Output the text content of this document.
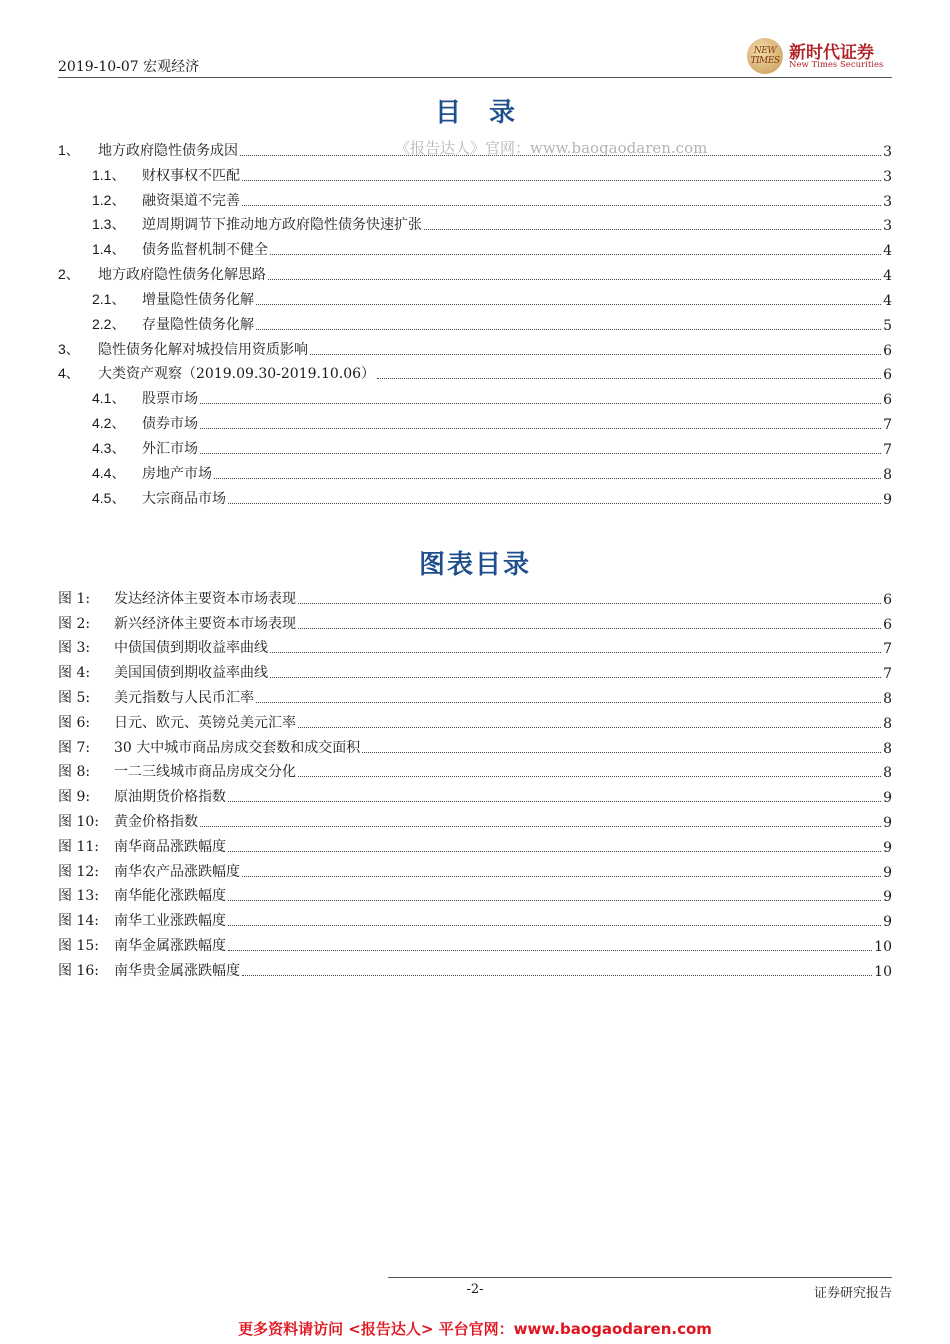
2019-10-07 宏观经济
NEW TIMES 新时代证券
New Times Securities
目录
《报告达人》官网：www.baogaodaren.com
图表目录
1、	地方政府隐性债务成因	3
1.1、	财权事权不匹配	3
1.2、	融资渠道不完善	3
1.3、	逆周期调节下推动地方政府隐性债务快速扩张	3
1.4、	债务监督机制不健全	4
2、	地方政府隐性债务化解思路	4
2.1、	增量隐性债务化解	4
2.2、	存量隐性债务化解	5
3、	隐性债务化解对城投信用资质影响	6
4、	大类资产观察（2019.09.30-2019.10.06）	6
4.1、	股票市场	6
4.2、	债券市场	7
4.3、	外汇市场	7
4.4、	房地产市场	8
4.5、	大宗商品市场	9
图 1:	发达经济体主要资本市场表现	6
图 2:	新兴经济体主要资本市场表现	6
图 3:	中债国债到期收益率曲线	7
图 4:	美国国债到期收益率曲线	7
图 5:	美元指数与人民币汇率	8
图 6:	日元、欧元、英镑兑美元汇率	8
图 7:	30 大中城市商品房成交套数和成交面积	8
图 8:	一二三线城市商品房成交分化	8
图 9:	原油期货价格指数	9
图 10:	黄金价格指数	9
图 11:	南华商品涨跌幅度	9
图 12:	南华农产品涨跌幅度	9
图 13:	南华能化涨跌幅度	9
图 14:	南华工业涨跌幅度	9
图 15:	南华金属涨跌幅度	10
图 16:	南华贵金属涨跌幅度	10
-2-	证券研究报告
更多资料请访问 <报告达人> 平台官网：www.baogaodaren.com
